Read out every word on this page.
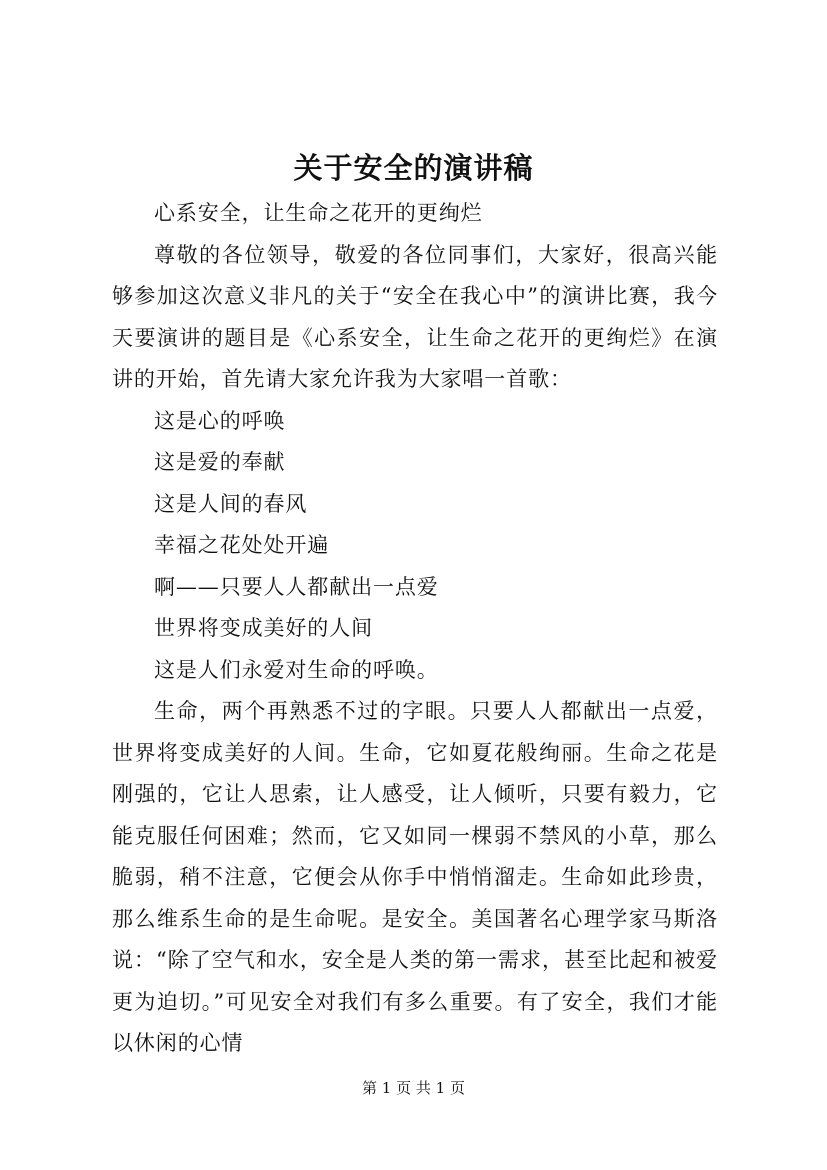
关于安全的演讲稿

心系安全，让生命之花开的更绚烂

尊敬的各位领导，敬爱的各位同事们，大家好，很高兴能够参加这次意义非凡的关于“安全在我心中”的演讲比赛，我今天要演讲的题目是《心系安全，让生命之花开的更绚烂》在演讲的开始，首先请大家允许我为大家唱一首歌：

这是心的呼唤

这是爱的奉献

这是人间的春风

幸福之花处处开遍

啊——只要人人都献出一点爱

世界将变成美好的人间

这是人们永爱对生命的呼唤。

生命，两个再熟悉不过的字眼。只要人人都献出一点爱，世界将变成美好的人间。生命，它如夏花般绚丽。生命之花是刚强的，它让人思索，让人感受，让人倾听，只要有毅力，它能克服任何困难；然而，它又如同一棵弱不禁风的小草，那么脆弱，稍不注意，它便会从你手中悄悄溜走。生命如此珍贵，那么维系生命的是生命呢。是安全。美国著名心理学家马斯洛说：“除了空气和水，安全是人类的第一需求，甚至比起和被爱更为迫切。”可见安全对我们有多么重要。有了安全，我们才能以休闲的心情

第 1 页 共 1 页
